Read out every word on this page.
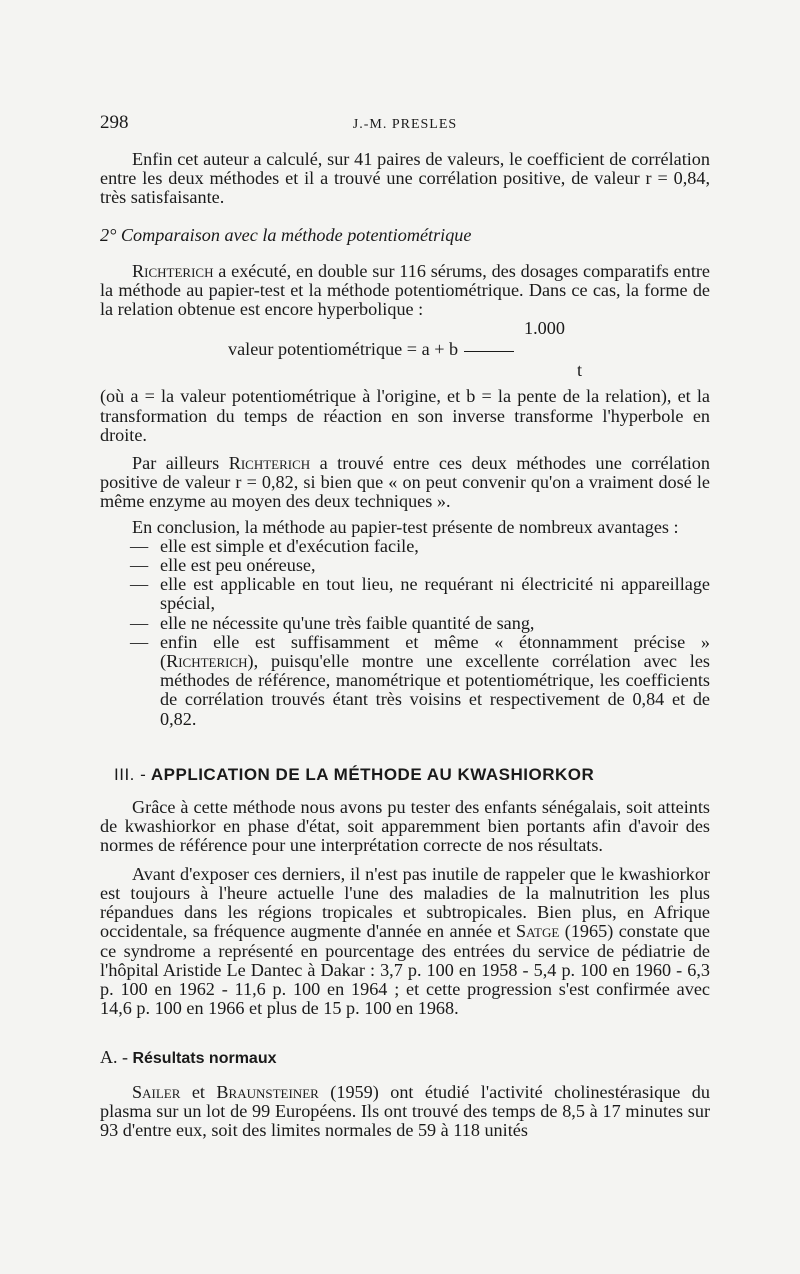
298	J.-M. PRESLES

Enfin cet auteur a calculé, sur 41 paires de valeurs, le coefficient de corrélation entre les deux méthodes et il a trouvé une corrélation positive, de valeur r = 0,84, très satisfaisante.

2° Comparaison avec la méthode potentiométrique

Richterich a exécuté, en double sur 116 sérums, des dosages comparatifs entre la méthode au papier-test et la méthode potentiométrique. Dans ce cas, la forme de la relation obtenue est encore hyperbolique :

1.000
valeur potentiométrique = a + b
t

(où a = la valeur potentiométrique à l'origine, et b = la pente de la relation), et la transformation du temps de réaction en son inverse transforme l'hyperbole en droite.

Par ailleurs Richterich a trouvé entre ces deux méthodes une corrélation positive de valeur r = 0,82, si bien que « on peut convenir qu'on a vraiment dosé le même enzyme au moyen des deux techniques ».

En conclusion, la méthode au papier-test présente de nombreux avantages :

— elle est simple et d'exécution facile,
— elle est peu onéreuse,
— elle est applicable en tout lieu, ne requérant ni électricité ni appareillage spécial,
— elle ne nécessite qu'une très faible quantité de sang,
— enfin elle est suffisamment et même « étonnamment précise » (Richterich), puisqu'elle montre une excellente corrélation avec les méthodes de référence, manométrique et potentiométrique, les coefficients de corrélation trouvés étant très voisins et respectivement de 0,84 et de 0,82.
III. - APPLICATION DE LA MÉTHODE AU KWASHIORKOR

Grâce à cette méthode nous avons pu tester des enfants sénégalais, soit atteints de kwashiorkor en phase d'état, soit apparemment bien portants afin d'avoir des normes de référence pour une interprétation correcte de nos résultats.

Avant d'exposer ces derniers, il n'est pas inutile de rappeler que le kwashiorkor est toujours à l'heure actuelle l'une des maladies de la malnutrition les plus répandues dans les régions tropicales et subtropicales. Bien plus, en Afrique occidentale, sa fréquence augmente d'année en année et Satge (1965) constate que ce syndrome a représenté en pourcentage des entrées du service de pédiatrie de l'hôpital Aristide Le Dantec à Dakar : 3,7 p. 100 en 1958 - 5,4 p. 100 en 1960 - 6,3 p. 100 en 1962 - 11,6 p. 100 en 1964 ; et cette progression s'est confirmée avec 14,6 p. 100 en 1966 et plus de 15 p. 100 en 1968.

A. - Résultats normaux

Sailer et Braunsteiner (1959) ont étudié l'activité cholinestérasique du plasma sur un lot de 99 Européens. Ils ont trouvé des temps de 8,5 à 17 minutes sur 93 d'entre eux, soit des limites normales de 59 à 118 unités
